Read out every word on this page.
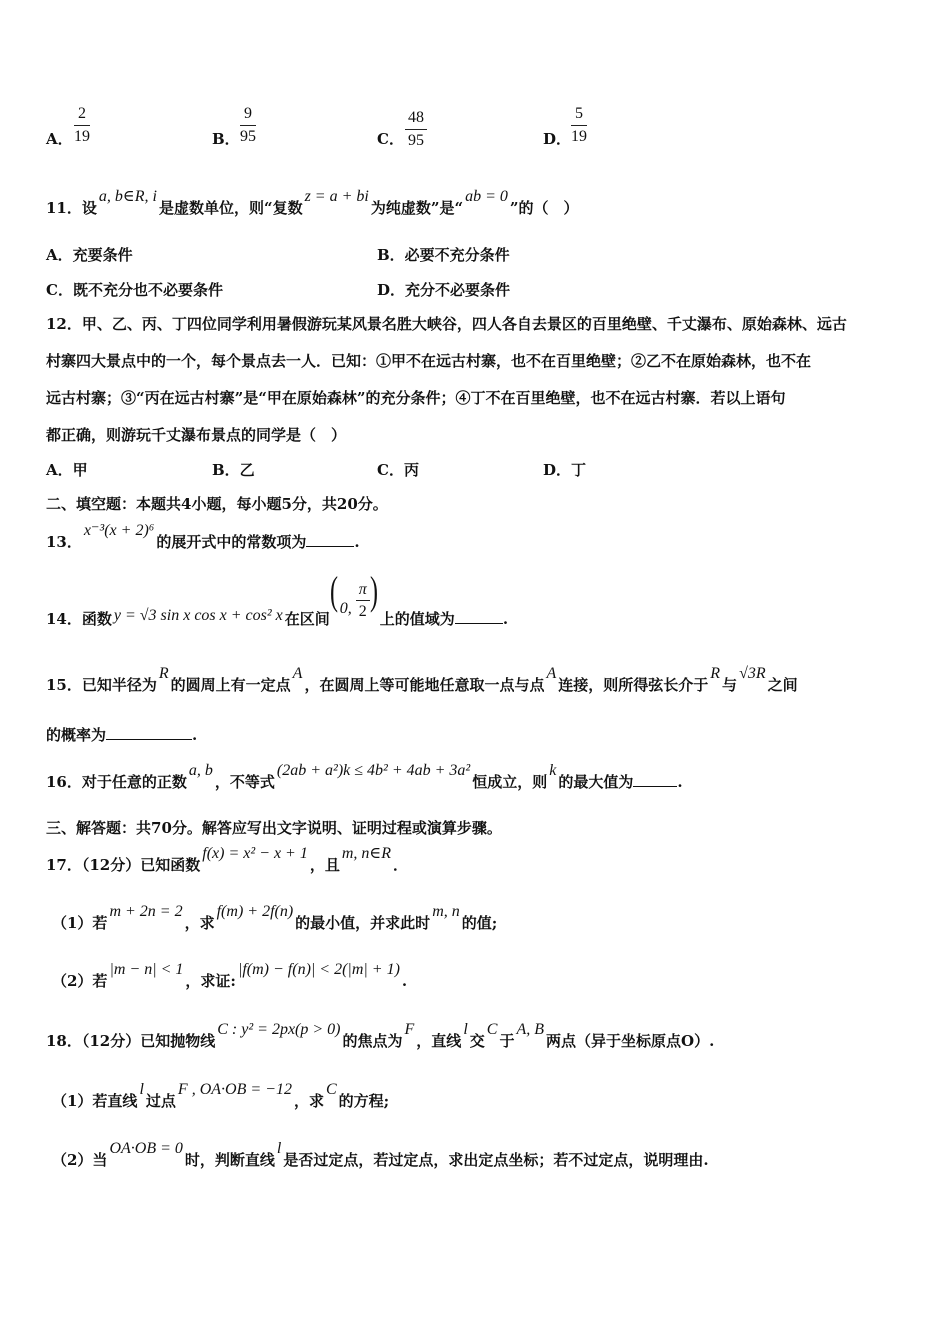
A． $\frac{2}{19}$	B． $\frac{9}{95}$	C． $\frac{48}{95}$	D． $\frac{5}{19}$
11．设a, b∈R, i是虚数单位，则“复数z = a + bi为纯虚数”是“ab = 0”的（　）
A．充要条件	B．必要不充分条件
C．既不充分也不必要条件	D．充分不必要条件
12．甲、乙、丙、丁四位同学利用暑假游玩某风景名胜大峡谷，四人各自去景区的百里绝壁、千丈瀑布、原始森林、远古
村寨四大景点中的一个，每个景点去一人．已知：①甲不在远古村寨，也不在百里绝壁；②乙不在原始森林，也不在
远古村寨；③“丙在远古村寨”是“甲在原始森林”的充分条件；④丁不在百里绝壁，也不在远古村寨．若以上语句
都正确，则游玩千丈瀑布景点的同学是（　）
A．甲	B．乙	C．丙	D．丁
二、填空题：本题共4小题，每小题5分，共20分。
13．x⁻³(x + 2)⁶的展开式中的常数项为	.
14．函数 y = √3 sin x cos x + cos² x 在区间
( 0,
π
2 )
上的值域为	.
15．已知半径为R的圆周上有一定点A，在圆周上等可能地任意取一点与点A连接，则所得弦长介于R与√3R之间
的概率为	.
16．对于任意的正数a, b，不等式(2ab + a²)k ≤ 4b² + 4ab + 3a²恒成立，则k的最大值为	.
三、解答题：共70分。解答应写出文字说明、证明过程或演算步骤。
17．（12分）已知函数f(x) = x² − x + 1，且m, n∈R．
（1）若m + 2n = 2，求f(m) + 2f(n)的最小值，并求此时m, n的值;
（2）若|m − n| < 1，求证:|f(m) − f(n)| < 2(|m| + 1).
18．（12分）已知抛物线C : y² = 2px(p > 0)的焦点为F，直线l交C于A, B两点（异于坐标原点O）.
（1）若直线l过点F , OA·OB = −12，求C的方程;
（2）当OA·OB = 0时，判断直线l是否过定点，若过定点，求出定点坐标；若不过定点，说明理由.
